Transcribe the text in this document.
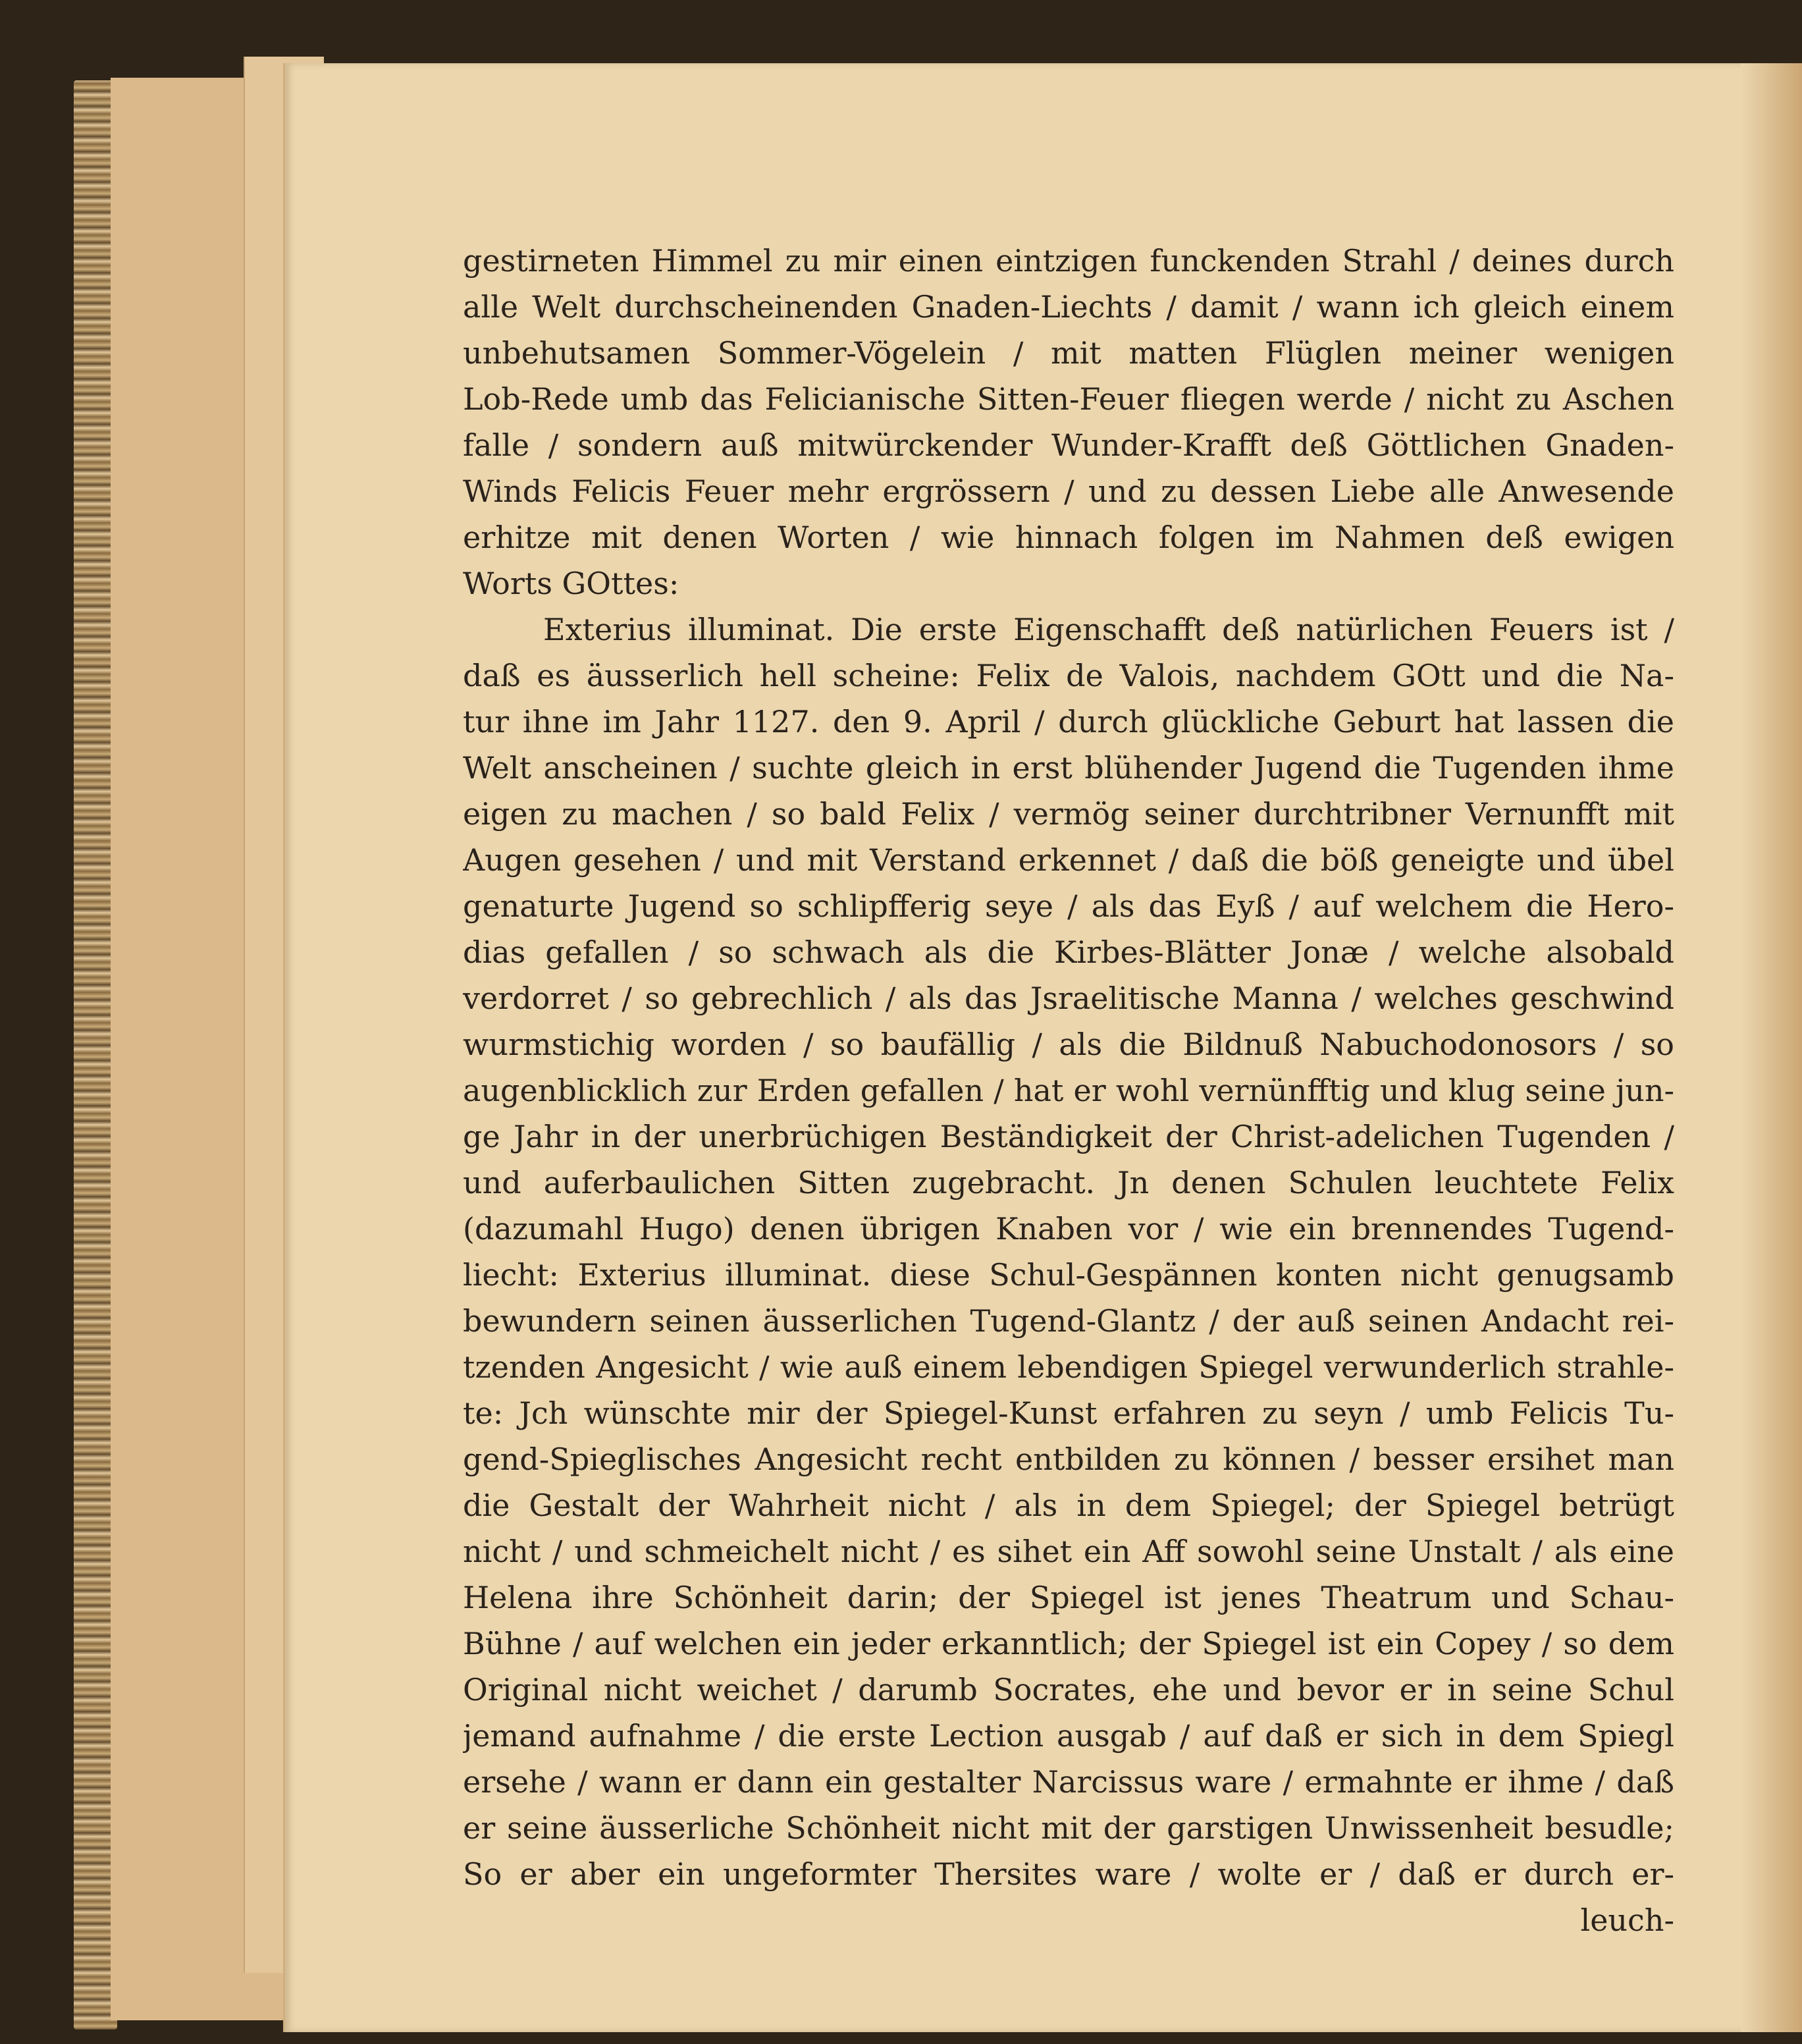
gestirneten Himmel zu mir einen eintzigen funckenden Strahl / deines durch
alle Welt durchscheinenden Gnaden-Liechts / damit / wann ich gleich einem
unbehutsamen Sommer-Vögelein / mit matten Flüglen meiner wenigen
Lob-Rede umb das Felicianische Sitten-Feuer fliegen werde / nicht zu Aschen
falle / sondern auß mitwürckender Wunder-Krafft deß Göttlichen Gnaden-
Winds Felicis Feuer mehr ergrössern / und zu dessen Liebe alle Anwesende
erhitze mit denen Worten / wie hinnach folgen im Nahmen deß ewigen
Worts GOttes:
Exterius illuminat. Die erste Eigenschafft deß natürlichen Feuers ist /
daß es äusserlich hell scheine: Felix de Valois, nachdem GOtt und die Na-
tur ihne im Jahr 1127. den 9. April / durch glückliche Geburt hat lassen die
Welt anscheinen / suchte gleich in erst blühender Jugend die Tugenden ihme
eigen zu machen / so bald Felix / vermög seiner durchtribner Vernunfft mit
Augen gesehen / und mit Verstand erkennet / daß die böß geneigte und übel
genaturte Jugend so schlipfferig seye / als das Eyß / auf welchem die Hero-
dias gefallen / so schwach als die Kirbes-Blätter Jonæ / welche alsobald
verdorret / so gebrechlich / als das Jsraelitische Manna / welches geschwind
wurmstichig worden / so baufällig / als die Bildnuß Nabuchodonosors / so
augenblicklich zur Erden gefallen / hat er wohl vernünfftig und klug seine jun-
ge Jahr in der unerbrüchigen Beständigkeit der Christ-adelichen Tugenden /
und auferbaulichen Sitten zugebracht. Jn denen Schulen leuchtete Felix
(dazumahl Hugo) denen übrigen Knaben vor / wie ein brennendes Tugend-
liecht: Exterius illuminat. diese Schul-Gespännen konten nicht genugsamb
bewundern seinen äusserlichen Tugend-Glantz / der auß seinen Andacht rei-
tzenden Angesicht / wie auß einem lebendigen Spiegel verwunderlich strahle-
te: Jch wünschte mir der Spiegel-Kunst erfahren zu seyn / umb Felicis Tu-
gend-Spieglisches Angesicht recht entbilden zu können / besser ersihet man
die Gestalt der Wahrheit nicht / als in dem Spiegel; der Spiegel betrügt
nicht / und schmeichelt nicht / es sihet ein Aff sowohl seine Unstalt / als eine
Helena ihre Schönheit darin; der Spiegel ist jenes Theatrum und Schau-
Bühne / auf welchen ein jeder erkanntlich; der Spiegel ist ein Copey / so dem
Original nicht weichet / darumb Socrates, ehe und bevor er in seine Schul
jemand aufnahme / die erste Lection ausgab / auf daß er sich in dem Spiegl
ersehe / wann er dann ein gestalter Narcissus ware / ermahnte er ihme / daß
er seine äusserliche Schönheit nicht mit der garstigen Unwissenheit besudle;
So er aber ein ungeformter Thersites ware / wolte er / daß er durch er-
leuch-
